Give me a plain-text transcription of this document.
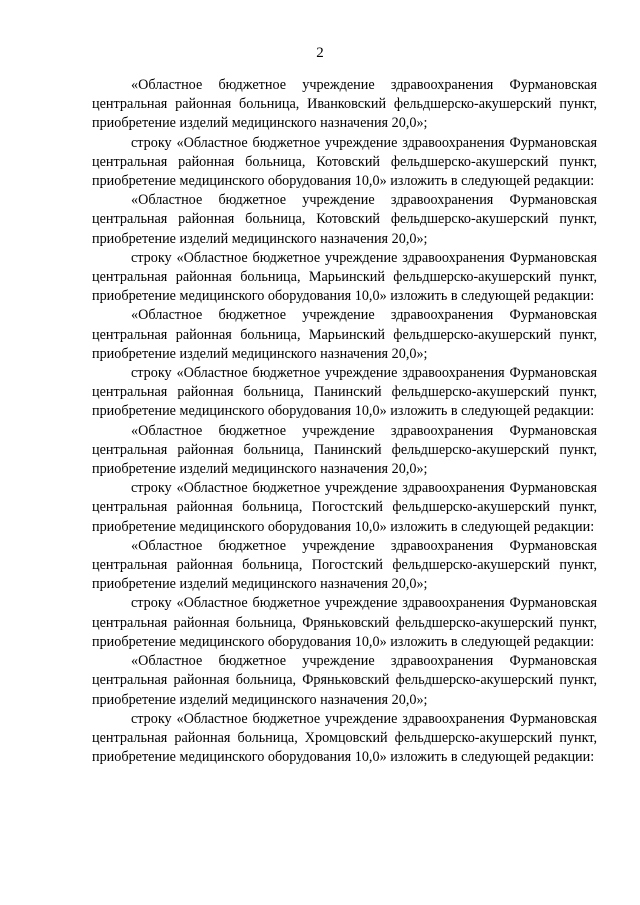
2

«Областное бюджетное учреждение здравоохранения Фурмановская центральная районная больница, Иванковский фельдшерско-акушерский пункт, приобретение изделий медицинского назначения 20,0»;

строку «Областное бюджетное учреждение здравоохранения Фурмановская центральная районная больница, Котовский фельдшерско-акушерский пункт, приобретение медицинского оборудования 10,0» изложить в следующей редакции:

«Областное бюджетное учреждение здравоохранения Фурмановская центральная районная больница, Котовский фельдшерско-акушерский пункт, приобретение изделий медицинского назначения 20,0»;

строку «Областное бюджетное учреждение здравоохранения Фурмановская центральная районная больница, Марьинский фельдшерско-акушерский пункт, приобретение медицинского оборудования 10,0» изложить в следующей редакции:

«Областное бюджетное учреждение здравоохранения Фурмановская центральная районная больница, Марьинский фельдшерско-акушерский пункт, приобретение изделий медицинского назначения 20,0»;

строку «Областное бюджетное учреждение здравоохранения Фурмановская центральная районная больница, Панинский фельдшерско-акушерский пункт, приобретение медицинского оборудования 10,0» изложить в следующей редакции:

«Областное бюджетное учреждение здравоохранения Фурмановская центральная районная больница, Панинский фельдшерско-акушерский пункт, приобретение изделий медицинского назначения 20,0»;

строку «Областное бюджетное учреждение здравоохранения Фурмановская центральная районная больница, Погостский фельдшерско-акушерский пункт, приобретение медицинского оборудования 10,0» изложить в следующей редакции:

«Областное бюджетное учреждение здравоохранения Фурмановская центральная районная больница, Погостский фельдшерско-акушерский пункт, приобретение изделий медицинского назначения 20,0»;

строку «Областное бюджетное учреждение здравоохранения Фурмановская центральная районная больница, Фряньковский фельдшерско-акушерский пункт, приобретение медицинского оборудования 10,0» изложить в следующей редакции:

«Областное бюджетное учреждение здравоохранения Фурмановская центральная районная больница, Фряньковский фельдшерско-акушерский пункт, приобретение изделий медицинского назначения 20,0»;

строку «Областное бюджетное учреждение здравоохранения Фурмановская центральная районная больница, Хромцовский фельдшерско-акушерский пункт, приобретение медицинского оборудования 10,0» изложить в следующей редакции:
